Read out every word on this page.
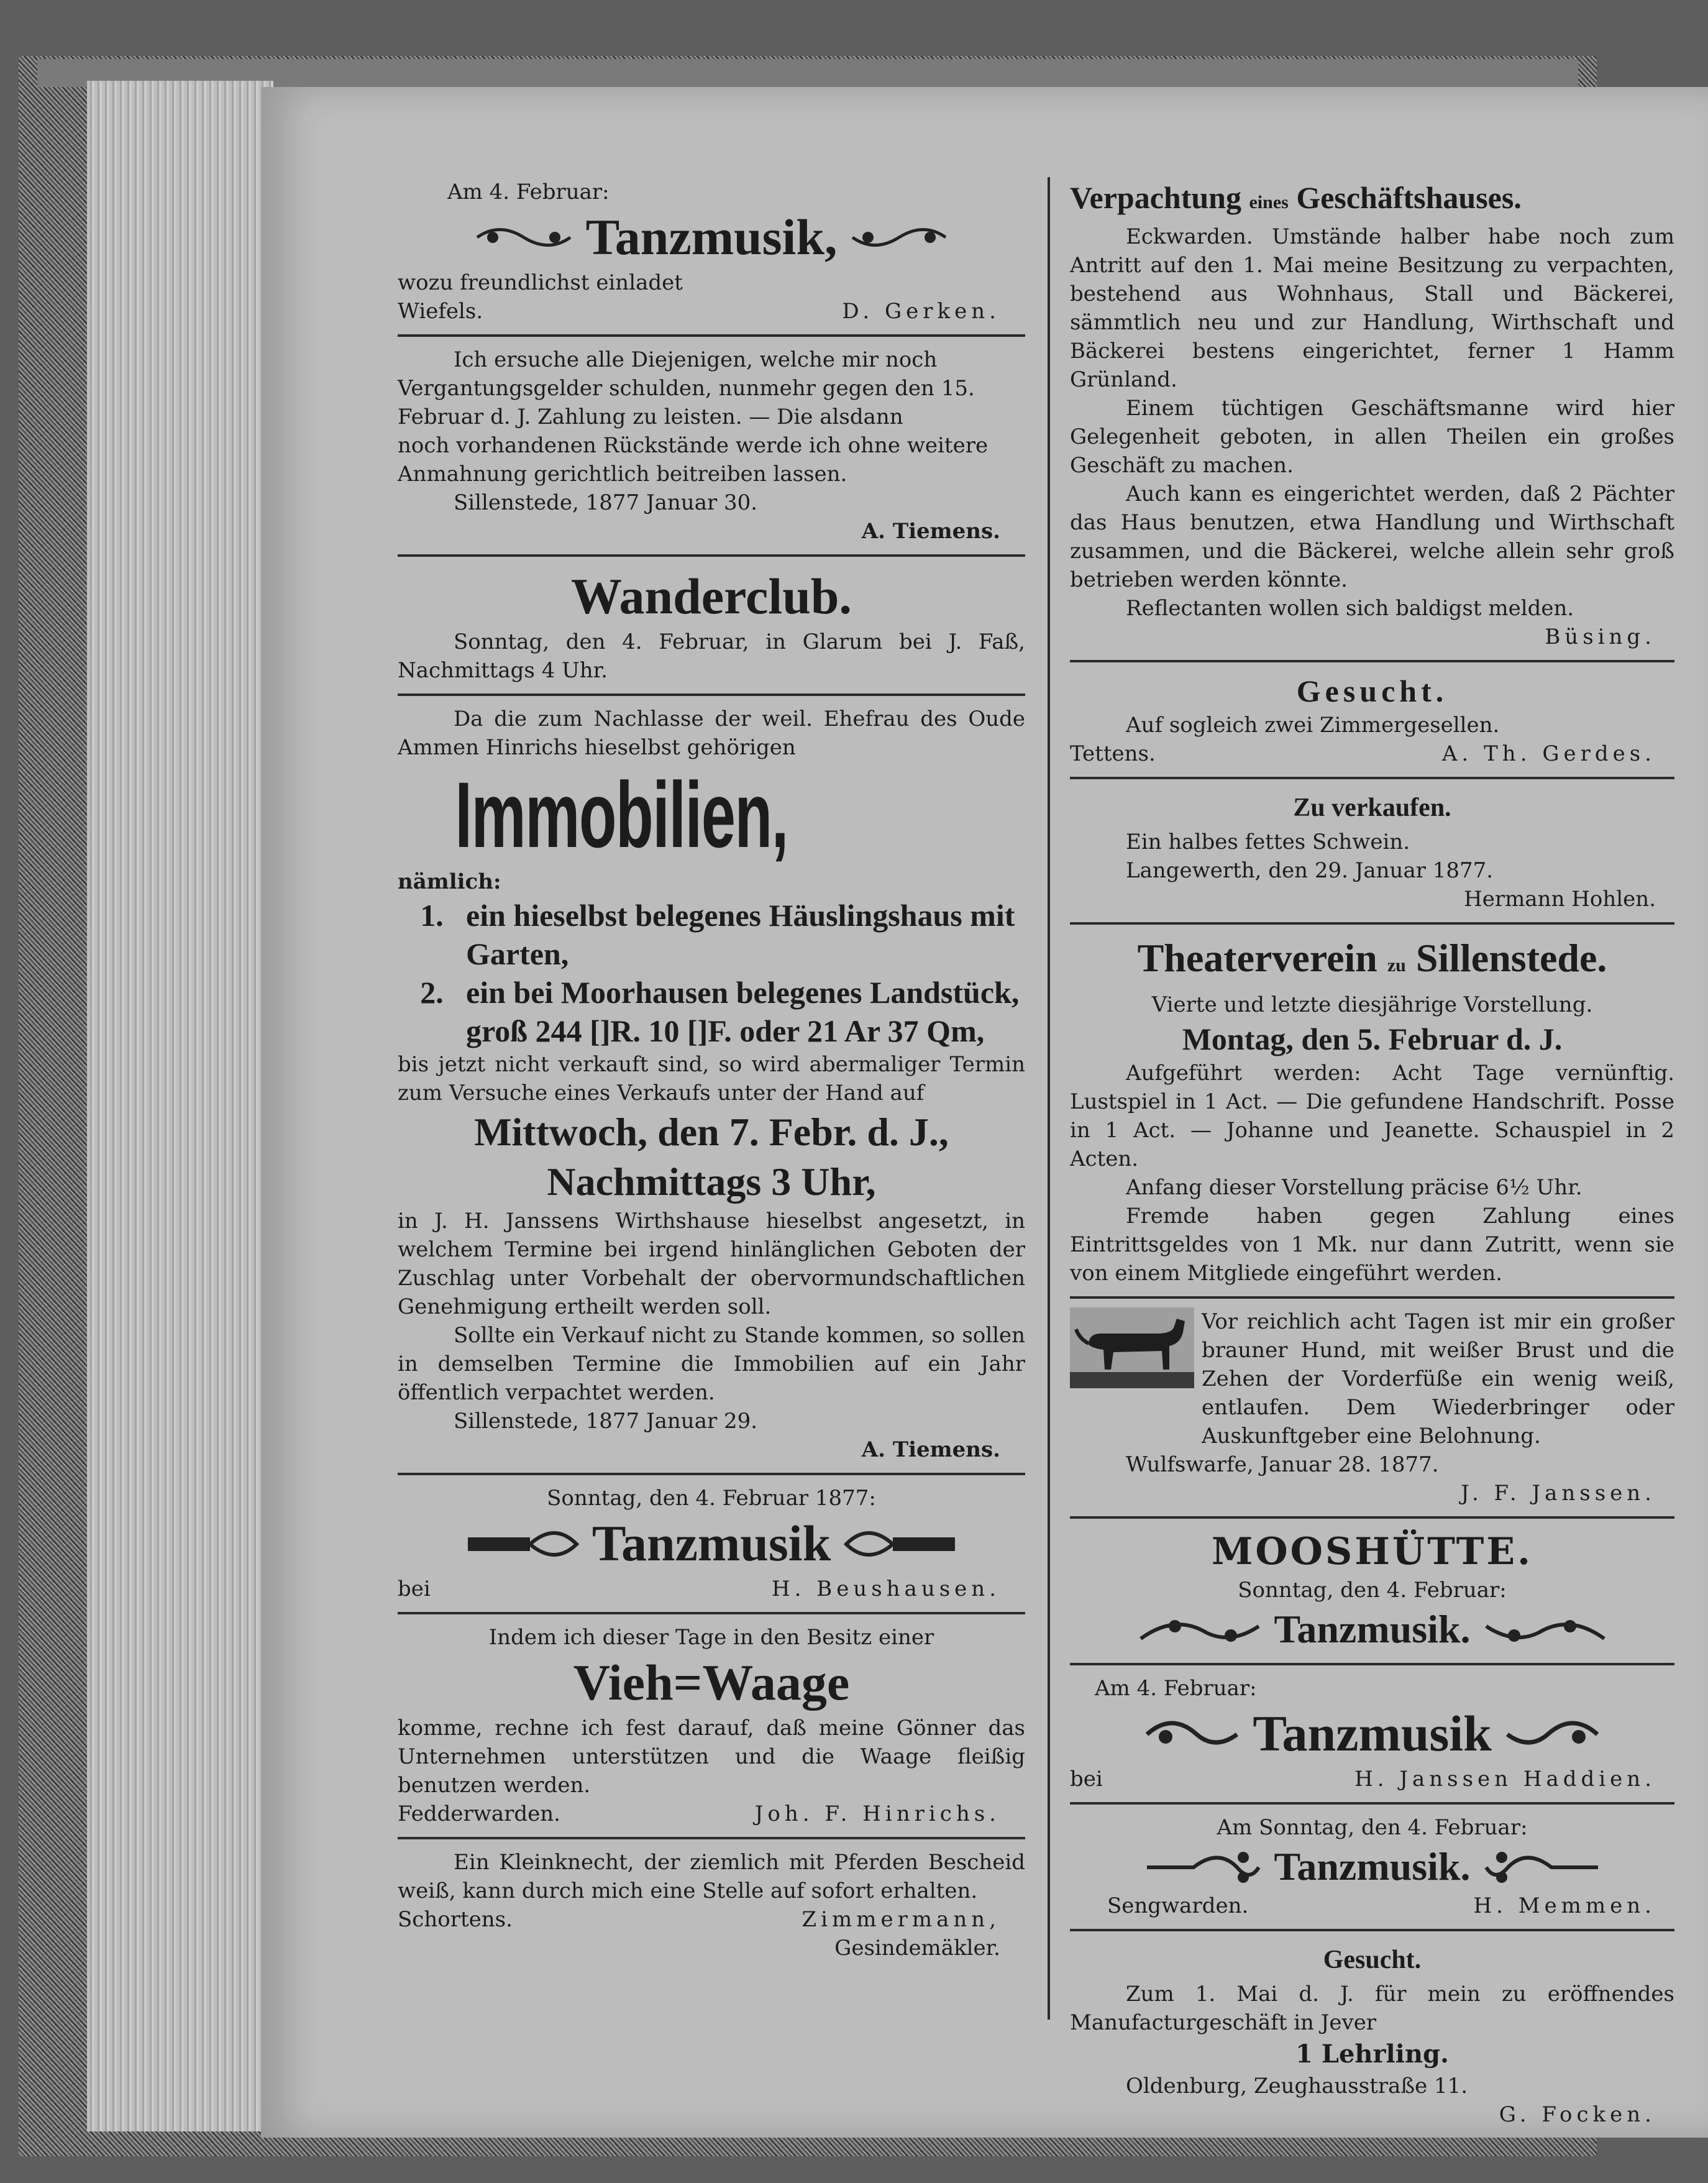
Am 4. Februar:

Tanzmusik,

wozu freundlichst einladet

Wiefels.	D. Gerken.

Ich ersuche alle Diejenigen, welche mir noch

Vergantungsgelder schulden, nunmehr gegen den 15.

Februar d. J. Zahlung zu leisten. — Die alsdann

noch vorhandenen Rückstände werde ich ohne weitere

Anmahnung gerichtlich beitreiben lassen.

Sillenstede, 1877 Januar 30.

A. Tiemens.

Wanderclub.

Sonntag, den 4. Februar, in Glarum bei J. Faß, Nachmittags 4 Uhr.

Da die zum Nachlasse der weil. Ehefrau des Oude Ammen Hinrichs hieselbst gehörigen

Immobilien,

nämlich:

1. ein hieselbst belegenes Häuslingshaus mit Garten,
2. ein bei Moorhausen belegenes Landstück, groß 244 []R. 10 []F. oder 21 Ar 37 Qm,

bis jetzt nicht verkauft sind, so wird abermaliger Termin zum Versuche eines Verkaufs unter der Hand auf

Mittwoch, den 7. Febr. d. J.,

Nachmittags 3 Uhr,

in J. H. Janssens Wirthshause hieselbst angesetzt, in welchem Termine bei irgend hinlänglichen Geboten der Zuschlag unter Vorbehalt der obervormundschaftlichen Genehmigung ertheilt werden soll.

Sollte ein Verkauf nicht zu Stande kommen, so sollen in demselben Termine die Immobilien auf ein Jahr öffentlich verpachtet werden.

Sillenstede, 1877 Januar 29.

A. Tiemens.

Sonntag, den 4. Februar 1877:

Tanzmusik
bei	H. Beushausen.

Indem ich dieser Tage in den Besitz einer

Vieh=Waage

komme, rechne ich fest darauf, daß meine Gönner das Unternehmen unterstützen und die Waage fleißig benutzen werden.

Fedderwarden.	Joh. F. Hinrichs.

Ein Kleinknecht, der ziemlich mit Pferden Bescheid weiß, kann durch mich eine Stelle auf sofort erhalten.

Schortens.	Zimmermann,

Gesindemäkler.

Verpachtung eines Geschäftshauses.

Eckwarden. Umstände halber habe noch zum Antritt auf den 1. Mai meine Besitzung zu verpachten, bestehend aus Wohnhaus, Stall und Bäckerei, sämmtlich neu und zur Handlung, Wirthschaft und Bäckerei bestens eingerichtet, ferner 1 Hamm Grünland.

Einem tüchtigen Geschäftsmanne wird hier Gelegenheit geboten, in allen Theilen ein großes Geschäft zu machen.

Auch kann es eingerichtet werden, daß 2 Pächter das Haus benutzen, etwa Handlung und Wirthschaft zusammen, und die Bäckerei, welche allein sehr groß betrieben werden könnte.

Reflectanten wollen sich baldigst melden.

Büsing.

Gesucht.

Auf sogleich zwei Zimmergesellen.

Tettens.	A. Th. Gerdes.

Zu verkaufen.

Ein halbes fettes Schwein.

Langewerth, den 29. Januar 1877.

Hermann Hohlen.

Theaterverein zu Sillenstede.

Vierte und letzte diesjährige Vorstellung.

Montag, den 5. Februar d. J.

Aufgeführt werden: Acht Tage vernünftig. Lustspiel in 1 Act. — Die gefundene Handschrift. Posse in 1 Act. — Johanne und Jeanette. Schauspiel in 2 Acten.

Anfang dieser Vorstellung präcise 6½ Uhr.

Fremde haben gegen Zahlung eines Eintrittsgeldes von 1 Mk. nur dann Zutritt, wenn sie von einem Mitgliede eingeführt werden.

Vor reichlich acht Tagen ist mir ein großer brauner Hund, mit weißer Brust und die Zehen der Vorderfüße ein wenig weiß, entlaufen. Dem Wiederbringer oder Auskunftgeber eine Belohnung.

Wulfswarfe, Januar 28. 1877.

J. F. Janssen.

MOOSHÜTTE.

Sonntag, den 4. Februar:

Tanzmusik.

Am 4. Februar:

Tanzmusik
bei	H. Janssen Haddien.

Am Sonntag, den 4. Februar:

Tanzmusik.
Sengwarden.	H. Memmen.

Gesucht.

Zum 1. Mai d. J. für mein zu eröffnendes Manufacturgeschäft in Jever

1 Lehrling.

Oldenburg, Zeughausstraße 11.

G. Focken.
